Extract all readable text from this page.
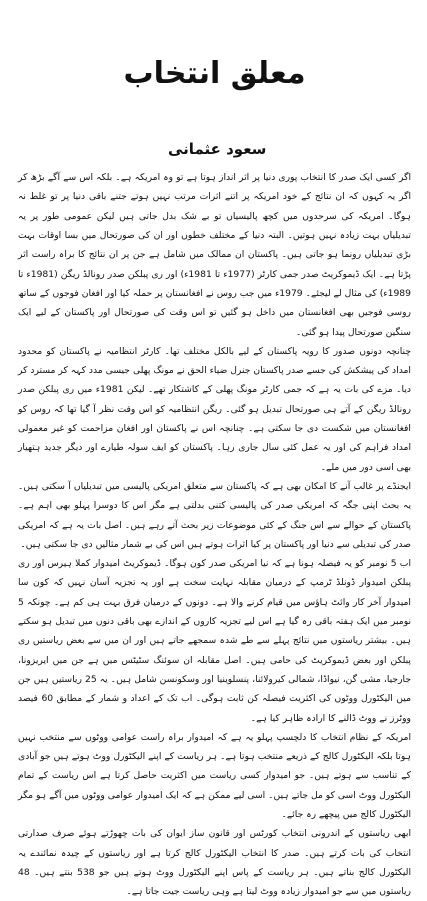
معلق انتخاب
سعود عثمانی

اگر کسی ایک صدر کا انتخاب پوری دنیا پر اثر انداز ہوتا ہے تو وہ امریکہ ہے۔ بلکہ اس سے آگے بڑھ کر اگر یہ کہوں کہ ان نتائج کے خود امریکہ پر اتنے اثرات مرتب نہیں ہوتے جتنے باقی دنیا پر تو غلط نہ ہوگا۔ امریکہ کی سرحدوں میں کچھ پالیسیاں تو بے شک بدل جاتی ہیں لیکن عمومی طور پر یہ تبدیلیاں بہت زیادہ نہیں ہوتیں۔ البتہ دنیا کے مختلف خطوں اور ان کی صورتحال میں بسا اوقات بہت بڑی تبدیلیاں رونما ہو جاتی ہیں۔ پاکستان ان ممالک میں شامل ہے جن پر ان نتائج کا براہ راست اثر پڑتا ہے۔ ایک ڈیموکریٹ صدر جمی کارٹر (1977ء تا 1981ء) اور ری پبلکن صدر رونالڈ ریگن (1981ء تا 1989ء) کی مثال لے لیجئے۔ 1979ء میں جب روس نے افغانستان پر حملہ کیا اور افغان فوجوں کے ساتھ روسی فوجیں بھی افغانستان میں داخل ہو گئیں تو اس وقت کی صورتحال اور پاکستان کے لیے ایک سنگین صورتحال پیدا ہو گئی۔

چنانچہ دونوں صدور کا رویہ پاکستان کے لیے بالکل مختلف تھا۔ کارٹر انتظامیہ نے پاکستان کو محدود امداد کی پیشکش کی جسے صدر پاکستان جنرل ضیاء الحق نے مونگ پھلی جیسی مدد کہہ کر مسترد کر دیا۔ مزے کی بات یہ ہے کہ جمی کارٹر مونگ پھلی کے کاشتکار تھے۔ لیکن 1981ء میں ری پبلکن صدر رونالڈ ریگن کے آتے ہی صورتحال تبدیل ہو گئی۔ ریگن انتظامیہ کو اس وقت نظر آ گیا تھا کہ روس کو افغانستان میں شکست دی جا سکتی ہے۔ چنانچہ اس نے پاکستان اور افغان مزاحمت کو غیر معمولی امداد فراہم کی اور یہ عمل کئی سال جاری رہا۔ پاکستان کو ایف سولہ طیارے اور دیگر جدید ہتھیار بھی اسی دور میں ملے۔

ایجنڈے پر غالب آنے کا امکان بھی ہے کہ پاکستان سے متعلق امریکی پالیسی میں تبدیلیاں آ سکتی ہیں۔ یہ بحث اپنی جگہ کہ امریکی صدر کی پالیسی کتنی بدلتی ہے مگر اس کا دوسرا پہلو بھی اہم ہے۔ پاکستان کے حوالے سے اس جنگ کے کئی موضوعات زیر بحث آتے رہے ہیں۔ اصل بات یہ ہے کہ امریکی صدر کی تبدیلی سے دنیا اور پاکستان پر کیا اثرات ہوتے ہیں اس کی بے شمار مثالیں دی جا سکتی ہیں۔

اب 5 نومبر کو یہ فیصلہ ہونا ہے کہ نیا امریکی صدر کون ہوگا۔ ڈیموکریٹ امیدوار کملا ہیرس اور ری پبلکن امیدوار ڈونلڈ ٹرمپ کے درمیان مقابلہ نہایت سخت ہے اور یہ تجزیہ آسان نہیں کہ کون سا امیدوار آخر کار وائٹ ہاؤس میں قیام کرنے والا ہے۔ دونوں کے درمیان فرق بہت ہی کم ہے۔ چونکہ 5 نومبر میں ایک ہفتہ باقی رہ گیا ہے اس لیے تجزیہ کاروں کے اندازے بھی باقی دنوں میں تبدیل ہو سکتے ہیں۔ بیشتر ریاستوں میں نتائج پہلے سے طے شدہ سمجھے جاتے ہیں اور ان میں سے بعض ریاستیں ری پبلکن اور بعض ڈیموکریٹ کی حامی ہیں۔ اصل مقابلہ ان سوئنگ سٹیٹس میں ہے جن میں ایریزونا، جارجیا، مشی گن، نیواڈا، شمالی کیرولائنا، پنسلوینیا اور وسکونسن شامل ہیں۔ یہ 25 ریاستیں ہیں جن میں الیکٹورل ووٹوں کی اکثریت فیصلہ کن ثابت ہوگی۔ اب تک کے اعداد و شمار کے مطابق 60 فیصد ووٹرز نے ووٹ ڈالنے کا ارادہ ظاہر کیا ہے۔

امریکہ کے نظام انتخاب کا دلچسپ پہلو یہ ہے کہ امیدوار براہ راست عوامی ووٹوں سے منتخب نہیں ہوتا بلکہ الیکٹورل کالج کے ذریعے منتخب ہوتا ہے۔ ہر ریاست کے اپنے الیکٹورل ووٹ ہوتے ہیں جو آبادی کے تناسب سے ہوتے ہیں۔ جو امیدوار کسی ریاست میں اکثریت حاصل کرتا ہے اس ریاست کے تمام الیکٹورل ووٹ اسی کو مل جاتے ہیں۔ اسی لیے ممکن ہے کہ ایک امیدوار عوامی ووٹوں میں آگے ہو مگر الیکٹورل کالج میں پیچھے رہ جائے۔

ابھی ریاستوں کے اندرونی انتخاب کورٹس اور قانون ساز ایوان کی بات چھوڑتے ہوئے صرف صدارتی انتخاب کی بات کرتے ہیں۔ صدر کا انتخاب الیکٹورل کالج کرتا ہے اور ریاستوں کے چیدہ نمائندے یہ الیکٹورل کالج بناتے ہیں۔ ہر ریاست کے پاس اپنے الیکٹورل ووٹ ہوتے ہیں جو 538 بنتے ہیں۔ 48 ریاستوں میں سے جو امیدوار زیادہ ووٹ لیتا ہے وہی ریاست جیت جاتا ہے۔
